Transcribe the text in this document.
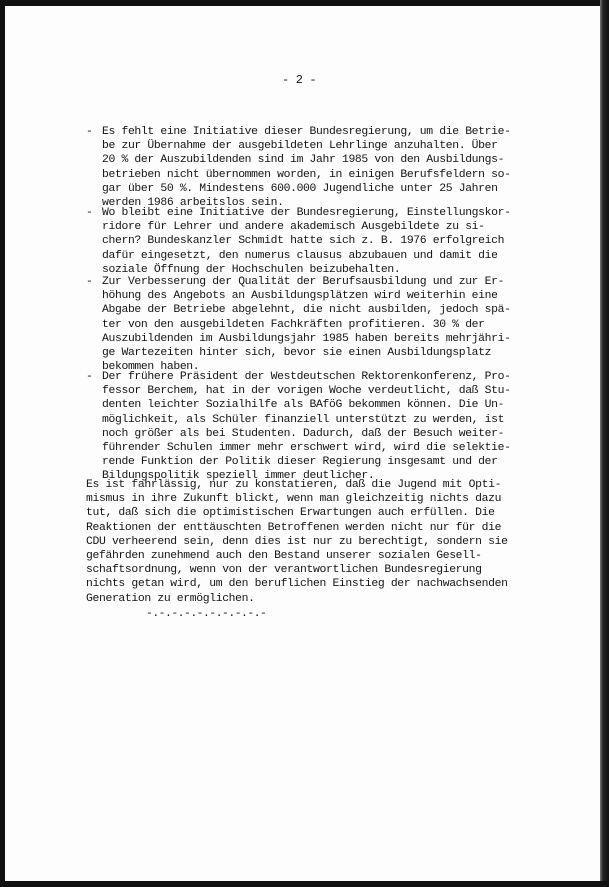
- 2 -
- Es fehlt eine Initiative dieser Bundesregierung, um die Betrie-
be zur Übernahme der ausgebildeten Lehrlinge anzuhalten. Über
20 % der Auszubildenden sind im Jahr 1985 von den Ausbildungs-
betrieben nicht übernommen worden, in einigen Berufsfeldern so-
gar über 50 %. Mindestens 600.000 Jugendliche unter 25 Jahren
werden 1986 arbeitslos sein.
- Wo bleibt eine Initiative der Bundesregierung, Einstellungskor-
ridore für Lehrer und andere akademisch Ausgebildete zu si-
chern? Bundeskanzler Schmidt hatte sich z. B. 1976 erfolgreich
dafür eingesetzt, den numerus clausus abzubauen und damit die
soziale Öffnung der Hochschulen beizubehalten.
- Zur Verbesserung der Qualität der Berufsausbildung und zur Er-
höhung des Angebots an Ausbildungsplätzen wird weiterhin eine
Abgabe der Betriebe abgelehnt, die nicht ausbilden, jedoch spä-
ter von den ausgebildeten Fachkräften profitieren. 30 % der
Auszubildenden im Ausbildungsjahr 1985 haben bereits mehrjähri-
ge Wartezeiten hinter sich, bevor sie einen Ausbildungsplatz
bekommen haben.
- Der frühere Präsident der Westdeutschen Rektorenkonferenz, Pro-
fessor Berchem, hat in der vorigen Woche verdeutlicht, daß Stu-
denten leichter Sozialhilfe als BAföG bekommen können. Die Un-
möglichkeit, als Schüler finanziell unterstützt zu werden, ist
noch größer als bei Studenten. Dadurch, daß der Besuch weiter-
führender Schulen immer mehr erschwert wird, wird die selektie-
rende Funktion der Politik dieser Regierung insgesamt und der
Bildungspolitik speziell immer deutlicher.
Es ist fahrlässig, nur zu konstatieren, daß die Jugend mit Opti-
mismus in ihre Zukunft blickt, wenn man gleichzeitig nichts dazu
tut, daß sich die optimistischen Erwartungen auch erfüllen. Die
Reaktionen der enttäuschten Betroffenen werden nicht nur für die
CDU verheerend sein, denn dies ist nur zu berechtigt, sondern sie
gefährden zunehmend auch den Bestand unserer sozialen Gesell-
schaftsordnung, wenn von der verantwortlichen Bundesregierung
nichts getan wird, um den beruflichen Einstieg der nachwachsenden
Generation zu ermöglichen.
-.-.-.-.-.-.-.-.-.-
